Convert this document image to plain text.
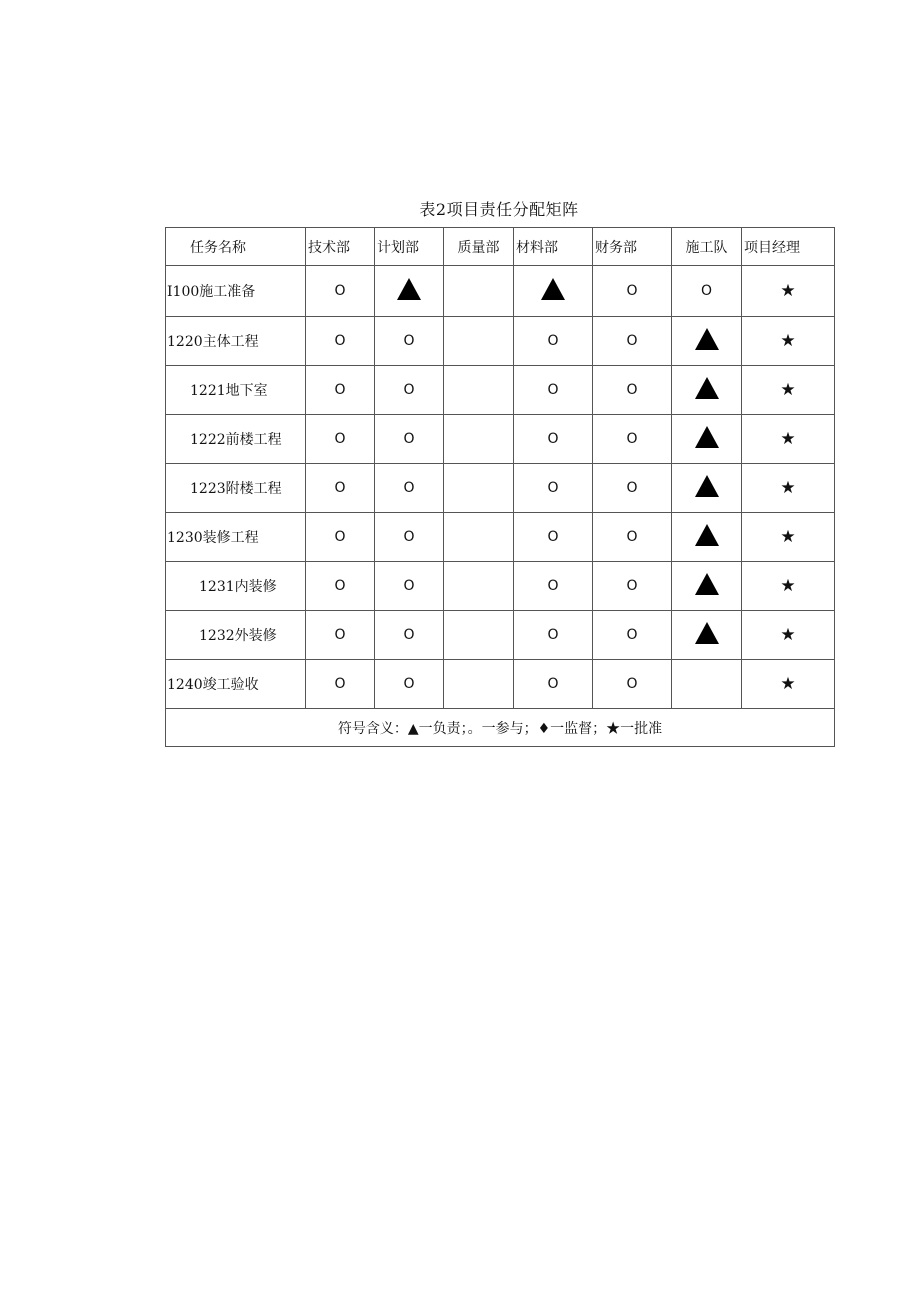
表2项目责任分配矩阵
任务名称	技术部	计划部	质量部	材料部	财务部	施工队	项目经理
I100施工准备	O				O	O	★
1220主体工程	O	O		O	O		★
1221地下室	O	O		O	O		★
1222前楼工程	O	O		O	O		★
1223附楼工程	O	O		O	O		★
1230装修工程	O	O		O	O		★
1231内装修	O	O		O	O		★
1232外装修	O	O		O	O		★
1240竣工验收	O	O		O	O		★
符号含义：▲一负责；。一参与；♦一监督；★一批准							
